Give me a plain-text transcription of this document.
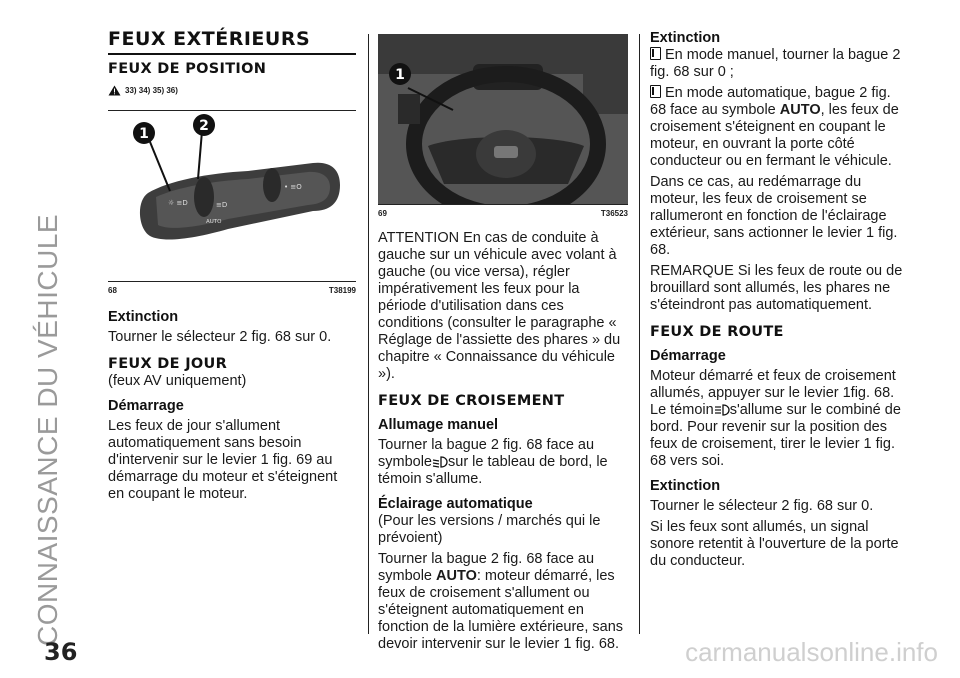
CONNAISSANCE DU VÉHICULE
36	carmanualsonline.info
FEUX EXTÉRIEURS
FEUX DE POSITION
33) 34) 35) 36)
☼ ≡D	≡D
• ≡O
AUTO
1	2
68	T38199
Extinction

Tourner le sélecteur 2 fig. 68 sur 0.

FEUX DE JOUR

(feux AV uniquement)

Démarrage

Les feux de jour s'allument automatiquement sans besoin d'intervenir sur le levier 1 fig. 69 au démarrage du moteur et s'éteignent en coupant le moteur.

888
1
69	T36523

ATTENTION En cas de conduite à gauche sur un véhicule avec volant à gauche (ou vice versa), régler impérativement les feux pour la période d'utilisation dans ces conditions (consulter le paragraphe « Réglage de l'assiette des phares » du chapitre « Connaissance du véhicule »).

FEUX DE CROISEMENT
Allumage manuel

Tourner la bague 2 fig. 68 face au symbole sur le tableau de bord, le témoin s'allume.

Éclairage automatique

(Pour les versions / marchés qui le prévoient)

Tourner la bague 2 fig. 68 face au symbole AUTO: moteur démarré, les feux de croisement s'allument ou s'éteignent automatiquement en fonction de la lumière extérieure, sans devoir intervenir sur le levier 1 fig. 68.

Extinction

En mode manuel, tourner la bague 2 fig. 68 sur 0 ;

En mode automatique, bague 2 fig. 68 face au symbole AUTO, les feux de croisement s'éteignent en coupant le moteur, en ouvrant la porte côté conducteur ou en fermant le véhicule.

Dans ce cas, au redémarrage du moteur, les feux de croisement se rallumeront en fonction de l'éclairage extérieur, sans actionner le levier 1 fig. 68.

REMARQUE Si les feux de route ou de brouillard sont allumés, les phares ne s'éteindront pas automatiquement.

FEUX DE ROUTE
Démarrage

Moteur démarré et feux de croisement allumés, appuyer sur le levier 1fig. 68. Le témoin s'allume sur le combiné de bord. Pour revenir sur la position des feux de croisement, tirer le levier 1 fig. 68 vers soi.

Extinction

Tourner le sélecteur 2 fig. 68 sur 0.

Si les feux sont allumés, un signal sonore retentit à l'ouverture de la porte du conducteur.
